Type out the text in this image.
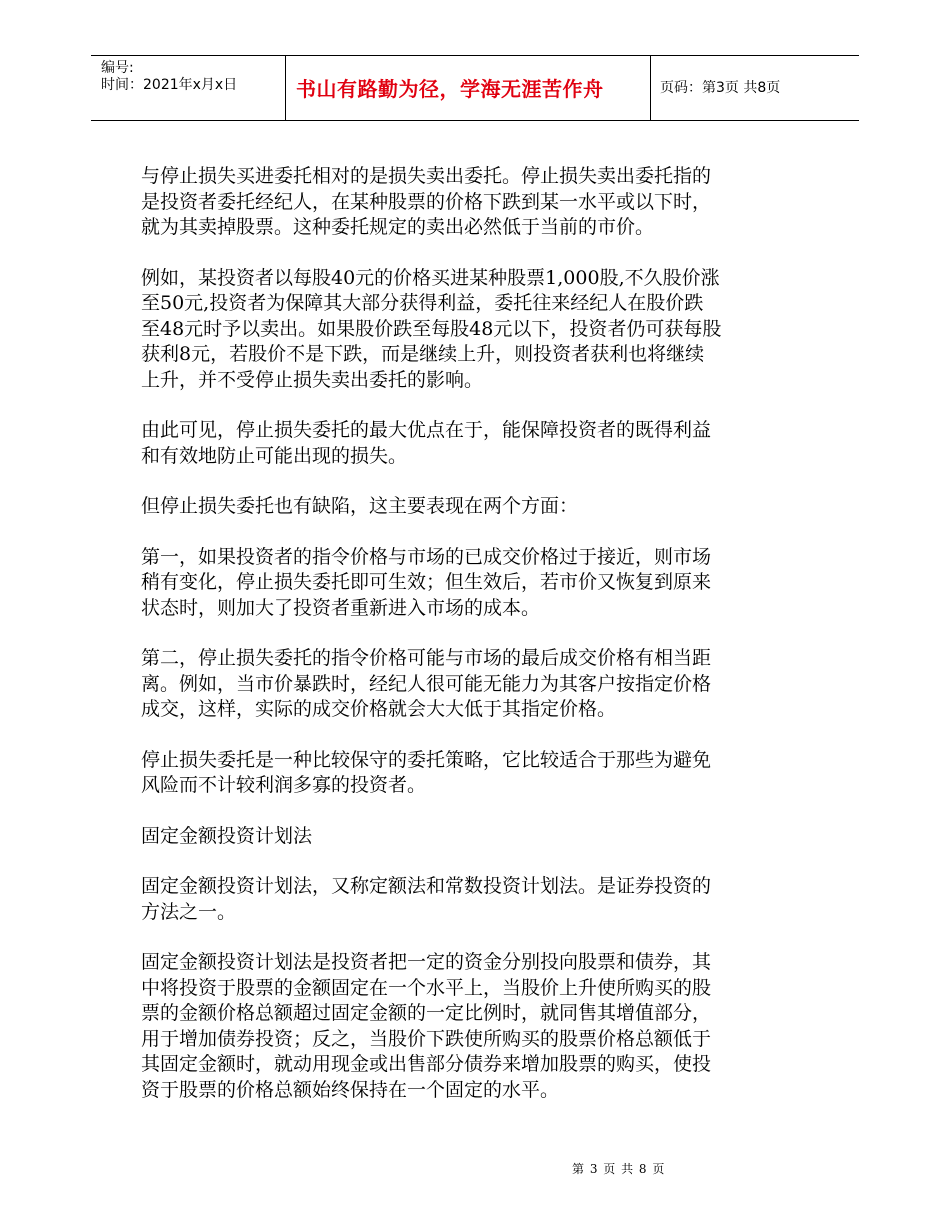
编号:
时间：2021年x月x日	书山有路勤为径，学海无涯苦作舟	页码：第3页 共8页

与停止损失买进委托相对的是损失卖出委托。停止损失卖出委托指的
是投资者委托经纪人，在某种股票的价格下跌到某一水平或以下时，
就为其卖掉股票。这种委托规定的卖出必然低于当前的市价。

例如，某投资者以每股40元的价格买进某种股票1,000股,不久股价涨
至50元,投资者为保障其大部分获得利益，委托往来经纪人在股价跌
至48元时予以卖出。如果股价跌至每股48元以下，投资者仍可获每股
获利8元，若股价不是下跌，而是继续上升，则投资者获利也将继续
上升，并不受停止损失卖出委托的影响。

由此可见，停止损失委托的最大优点在于，能保障投资者的既得利益
和有效地防止可能出现的损失。

但停止损失委托也有缺陷，这主要表现在两个方面：

第一，如果投资者的指令价格与市场的已成交价格过于接近，则市场
稍有变化，停止损失委托即可生效；但生效后，若市价又恢复到原来
状态时，则加大了投资者重新进入市场的成本。

第二，停止损失委托的指令价格可能与市场的最后成交价格有相当距
离。例如，当市价暴跌时，经纪人很可能无能力为其客户按指定价格
成交，这样，实际的成交价格就会大大低于其指定价格。

停止损失委托是一种比较保守的委托策略，它比较适合于那些为避免
风险而不计较利润多寡的投资者。

固定金额投资计划法

固定金额投资计划法，又称定额法和常数投资计划法。是证券投资的
方法之一。

固定金额投资计划法是投资者把一定的资金分别投向股票和债券，其
中将投资于股票的金额固定在一个水平上，当股价上升使所购买的股
票的金额价格总额超过固定金额的一定比例时，就同售其增值部分，
用于增加债券投资；反之，当股价下跌使所购买的股票价格总额低于
其固定金额时，就动用现金或出售部分债券来增加股票的购买，使投
资于股票的价格总额始终保持在一个固定的水平。

第 3 页 共 8 页
